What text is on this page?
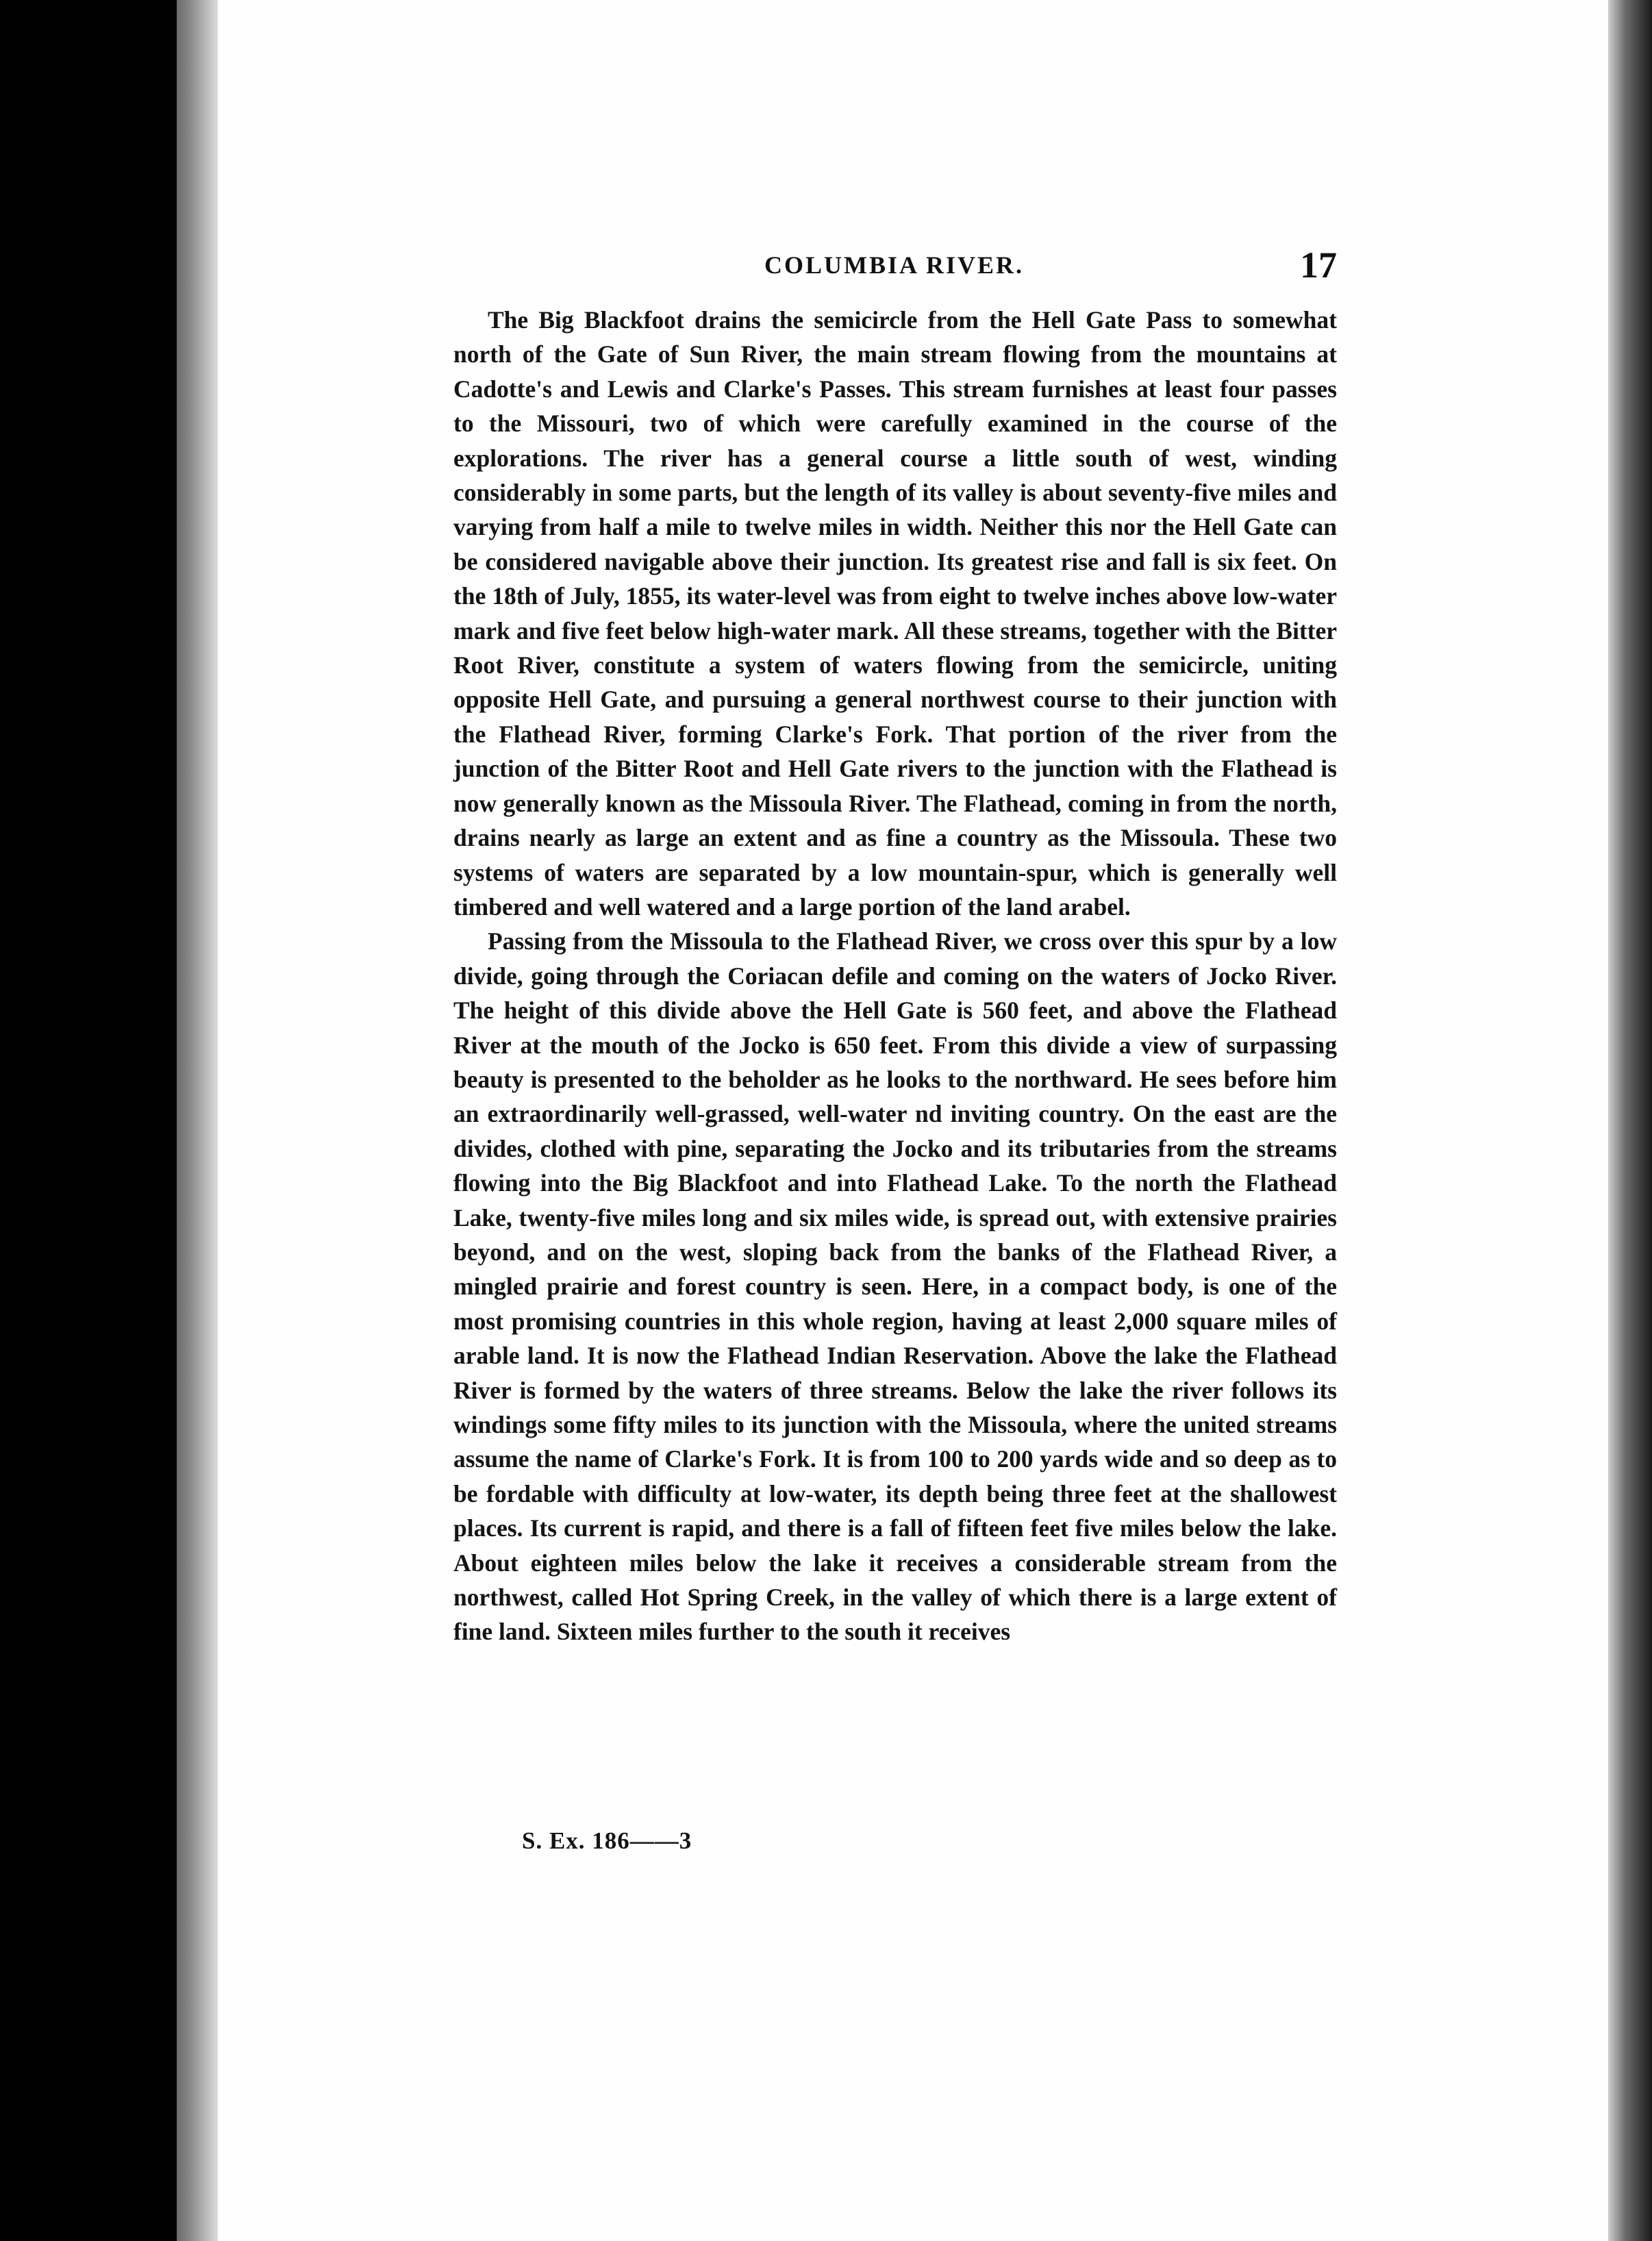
COLUMBIA RIVER.	17

The Big Blackfoot drains the semicircle from the Hell Gate Pass to somewhat north of the Gate of Sun River, the main stream flowing from the mountains at Cadotte's and Lewis and Clarke's Passes. This stream furnishes at least four passes to the Missouri, two of which were carefully examined in the course of the explorations. The river has a general course a little south of west, winding considerably in some parts, but the length of its valley is about seventy-five miles and varying from half a mile to twelve miles in width. Neither this nor the Hell Gate can be considered navigable above their junction. Its greatest rise and fall is six feet. On the 18th of July, 1855, its water-level was from eight to twelve inches above low-water mark and five feet below high-water mark. All these streams, together with the Bitter Root River, constitute a system of waters flowing from the semicircle, uniting opposite Hell Gate, and pursuing a general northwest course to their junction with the Flathead River, forming Clarke's Fork. That portion of the river from the junction of the Bitter Root and Hell Gate rivers to the junction with the Flathead is now generally known as the Missoula River. The Flathead, coming in from the north, drains nearly as large an extent and as fine a country as the Missoula. These two systems of waters are separated by a low mountain-spur, which is generally well timbered and well watered and a large portion of the land arabel.

Passing from the Missoula to the Flathead River, we cross over this spur by a low divide, going through the Coriacan defile and coming on the waters of Jocko River. The height of this divide above the Hell Gate is 560 feet, and above the Flathead River at the mouth of the Jocko is 650 feet. From this divide a view of surpassing beauty is presented to the beholder as he looks to the northward. He sees before him an extraordinarily well-grassed, well-water nd inviting country. On the east are the divides, clothed with pine, separating the Jocko and its tributaries from the streams flowing into the Big Blackfoot and into Flathead Lake. To the north the Flathead Lake, twenty-five miles long and six miles wide, is spread out, with extensive prairies beyond, and on the west, sloping back from the banks of the Flathead River, a mingled prairie and forest country is seen. Here, in a compact body, is one of the most promising countries in this whole region, having at least 2,000 square miles of arable land. It is now the Flathead Indian Reservation. Above the lake the Flathead River is formed by the waters of three streams. Below the lake the river follows its windings some fifty miles to its junction with the Missoula, where the united streams assume the name of Clarke's Fork. It is from 100 to 200 yards wide and so deep as to be fordable with difficulty at low-water, its depth being three feet at the shallowest places. Its current is rapid, and there is a fall of fifteen feet five miles below the lake. About eighteen miles below the lake it receives a considerable stream from the northwest, called Hot Spring Creek, in the valley of which there is a large extent of fine land. Sixteen miles further to the south it receives

S. Ex. 186——3
